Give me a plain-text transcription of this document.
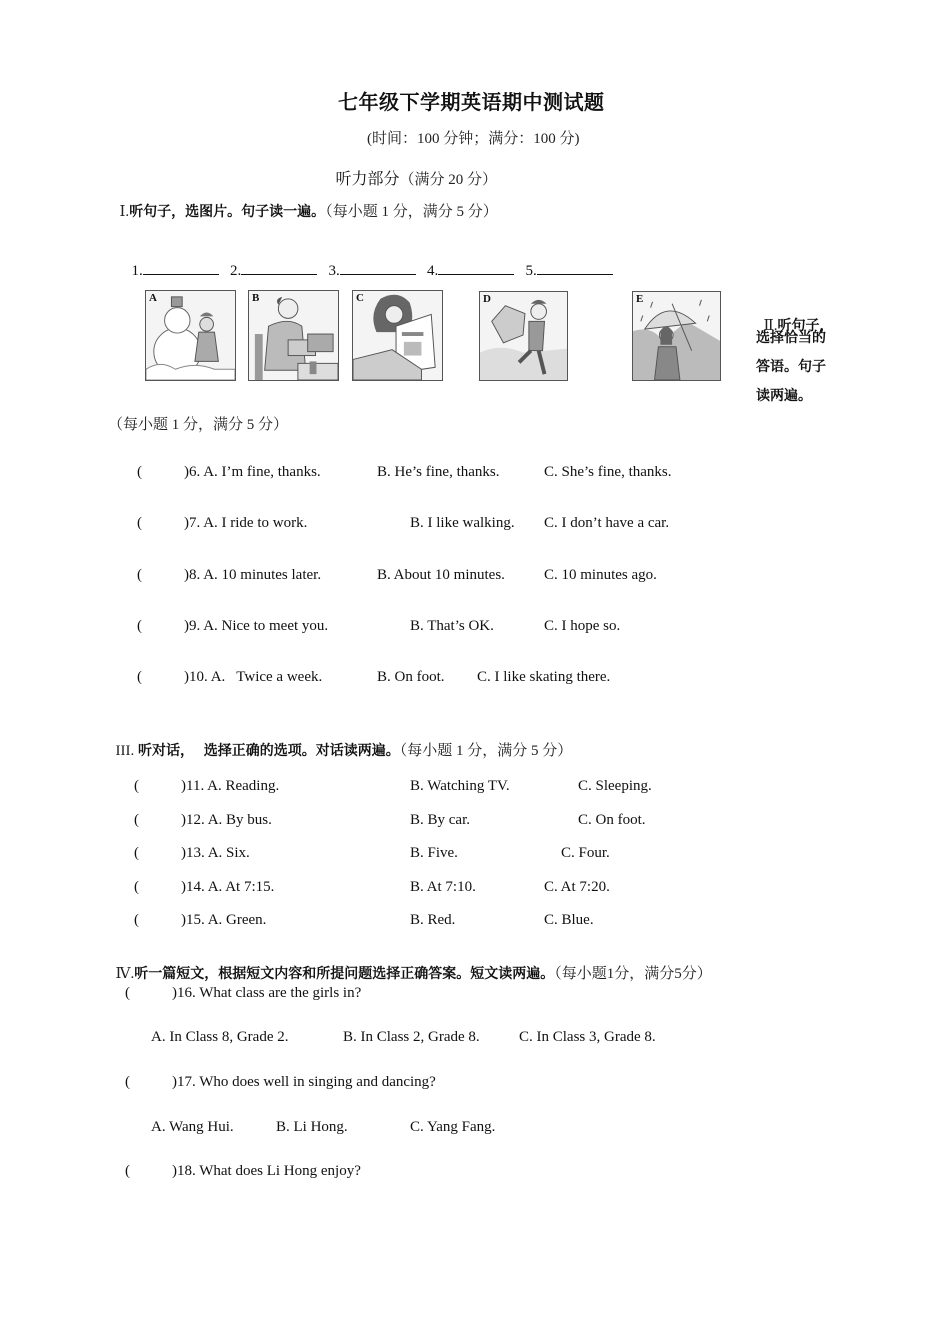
七年级下学期英语期中测试题
(时间：100 分钟；满分：100 分)

听力部分（满分 20 分）

Ⅰ.听句子，选图片。句子读一遍。（每小题 1 分，满分 5 分）

1.	2.	3.	4.	5.

A	B	C	D	E

Ⅱ.听句子，

选择恰当的
答语。句子
读两遍。
（每小题 1 分，满分 5 分）
(	)6. A. I’m fine, thanks.	B. He’s fine, thanks.	C. She’s fine, thanks.
(	)7. A. I ride to work.	B. I like walking. C. I don’t have a car.
(	)8. A. 10 minutes later.	B. About 10 minutes.	C. 10 minutes ago.
(	)9. A. Nice to meet you.	B. That’s OK.	C. I hope so.
(	)10. A.   Twice a week.	B. On foot. C. I like skating there.

III. 听对话，  选择正确的选项。对话读两遍。（每小题 1 分，满分 5 分）

(	)11. A. Reading.	B. Watching TV.	C. Sleeping.
(	)12. A. By bus.	B. By car.	C. On foot.
(	)13. A. Six.	B. Five.	C. Four.
(	)14. A. At 7:15.	B. At 7:10.	C. At 7:20.
(	)15. A. Green.	B. Red.	C. Blue.

Ⅳ.听一篇短文，根据短文内容和所提问题选择正确答案。短文读两遍。（每小题1分，满分5分）

(	)16. What class are the girls in?
A. In Class 8, Grade 2.	B. In Class 2, Grade 8.	C. In Class 3, Grade 8.
(	)17. Who does well in singing and dancing?
A. Wang Hui.	B. Li Hong.	C. Yang Fang.
(	)18. What does Li Hong enjoy?
